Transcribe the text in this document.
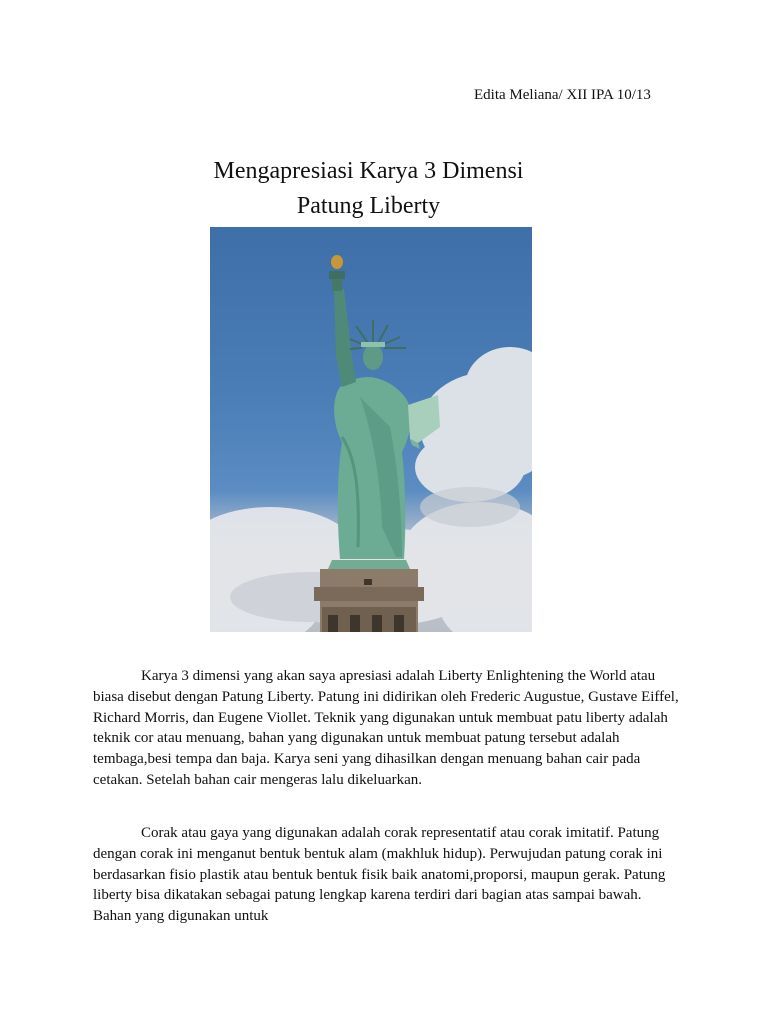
Edita Meliana/ XII IPA 10/13
Mengapresiasi Karya 3 Dimensi
Patung Liberty

Karya 3 dimensi yang akan saya apresiasi adalah Liberty Enlightening the World atau biasa disebut dengan Patung Liberty. Patung ini didirikan oleh Frederic Augustue, Gustave Eiffel, Richard Morris, dan Eugene Viollet. Teknik yang digunakan untuk membuat patu liberty adalah teknik cor atau menuang, bahan yang digunakan untuk membuat patung tersebut adalah tembaga,besi tempa dan baja. Karya seni yang dihasilkan dengan menuang bahan cair pada cetakan. Setelah bahan cair mengeras lalu dikeluarkan.

Corak atau gaya yang digunakan adalah corak representatif atau corak imitatif. Patung dengan corak ini menganut bentuk bentuk alam (makhluk hidup). Perwujudan patung corak ini berdasarkan fisio plastik atau bentuk bentuk fisik baik anatomi,proporsi, maupun gerak. Patung liberty bisa dikatakan sebagai patung lengkap karena terdiri dari bagian atas sampai bawah. Bahan yang digunakan untuk
